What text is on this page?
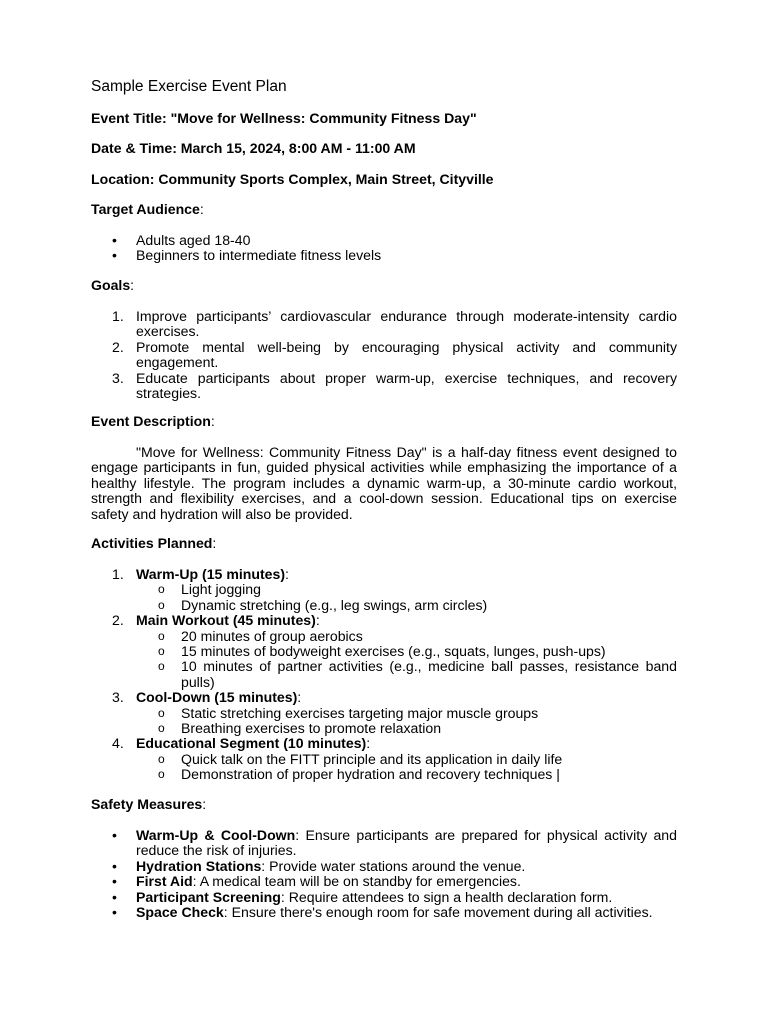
Sample Exercise Event Plan
Event Title: "Move for Wellness: Community Fitness Day"
Date & Time: March 15, 2024, 8:00 AM - 11:00 AM
Location: Community Sports Complex, Main Street, Cityville
Target Audience:
• Adults aged 18-40
• Beginners to intermediate fitness levels
Goals:
1. Improve participants’ cardiovascular endurance through moderate-intensity cardio exercises.
2. Promote mental well-being by encouraging physical activity and community engagement.
3. Educate participants about proper warm-up, exercise techniques, and recovery strategies.
Event Description:
"Move for Wellness: Community Fitness Day" is a half-day fitness event designed to engage participants in fun, guided physical activities while emphasizing the importance of a healthy lifestyle. The program includes a dynamic warm-up, a 30-minute cardio workout, strength and flexibility exercises, and a cool-down session. Educational tips on exercise safety and hydration will also be provided.
Activities Planned:
1. Warm-Up (15 minutes):
o Light jogging
o Dynamic stretching (e.g., leg swings, arm circles)
2. Main Workout (45 minutes):
o 20 minutes of group aerobics
o 15 minutes of bodyweight exercises (e.g., squats, lunges, push-ups)
o 10 minutes of partner activities (e.g., medicine ball passes, resistance band pulls)
3. Cool-Down (15 minutes):
o Static stretching exercises targeting major muscle groups
o Breathing exercises to promote relaxation
4. Educational Segment (10 minutes):
o Quick talk on the FITT principle and its application in daily life
o Demonstration of proper hydration and recovery techniques |
Safety Measures:
• Warm-Up & Cool-Down: Ensure participants are prepared for physical activity and reduce the risk of injuries.
• Hydration Stations: Provide water stations around the venue.
• First Aid: A medical team will be on standby for emergencies.
• Participant Screening: Require attendees to sign a health declaration form.
• Space Check: Ensure there's enough room for safe movement during all activities.
